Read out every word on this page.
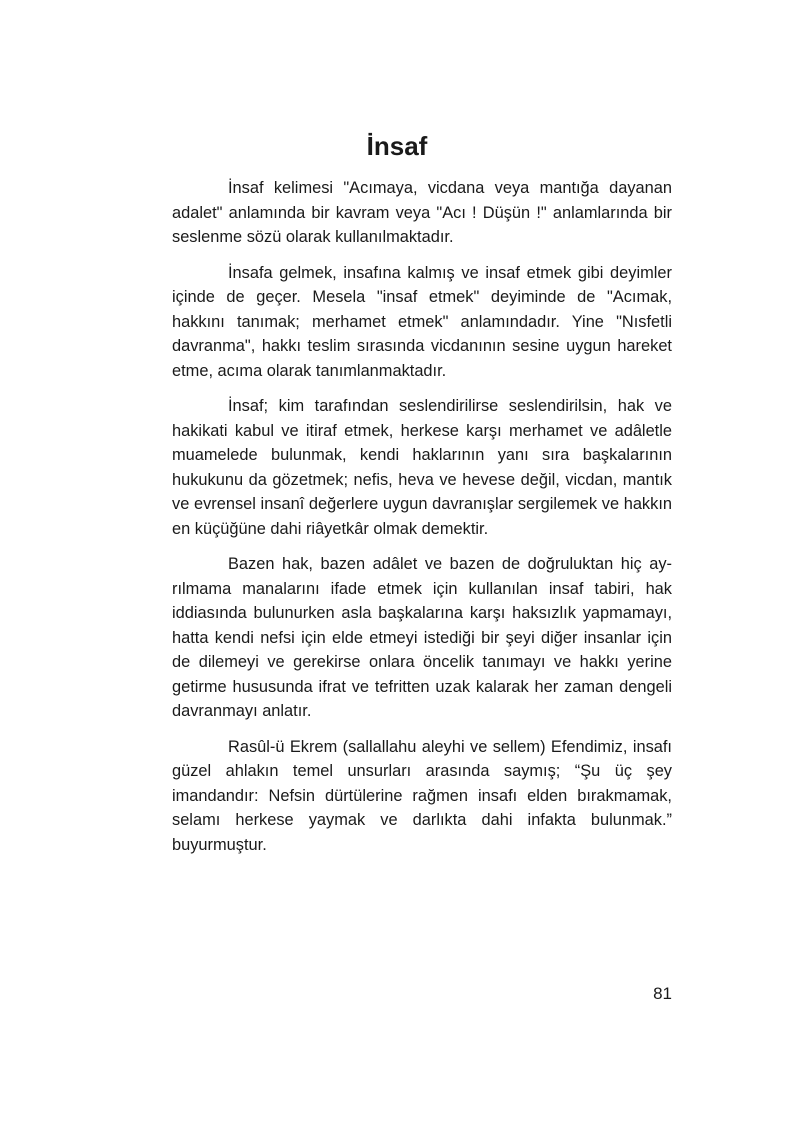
İnsaf

İnsaf kelimesi "Acımaya, vicdana veya mantığa dayanan adalet" anlamında bir kavram veya "Acı ! Düşün !" anlamlarında bir seslenme sözü olarak kullanılmaktadır.

İnsafa gelmek, insafına kalmış ve insaf etmek gibi deyimler içinde de geçer. Mesela "insaf etmek" deyiminde de "Acımak, hakkını tanımak; merhamet etmek" anlamındadır. Yine "Nısfetli davranma", hakkı teslim sırasında vicdanının sesine uygun hareket etme, acıma olarak tanımlanmaktadır.

İnsaf; kim tarafından seslendirilirse seslendirilsin, hak ve hakikati kabul ve itiraf etmek, herkese karşı merhamet ve adâletle muamelede bulunmak, kendi haklarının yanı sıra başkalarının hukukunu da gözetmek; nefis, heva ve hevese değil, vicdan, mantık ve evrensel insanî değerlere uygun davranışlar sergilemek ve hakkın en küçüğüne dahi riâyetkâr olmak demektir.

Bazen hak, bazen adâlet ve bazen de doğruluktan hiç ayrılmama manalarını ifade etmek için kullanılan insaf tabiri, hak iddiasında bulunurken asla başkalarına karşı haksızlık yapmamayı, hatta kendi nefsi için elde etmeyi istediği bir şeyi diğer insanlar için de dilemeyi ve gerekirse onlara öncelik tanımayı ve hakkı yerine getirme hususunda ifrat ve tefritten uzak kalarak her zaman dengeli davranmayı anlatır.

Rasûl-ü Ekrem (sallallahu aleyhi ve sellem) Efendimiz, insafı güzel ahlakın temel unsurları arasında saymış; “Şu üç şey imandandır: Nefsin dürtülerine rağmen insafı elden bırakmamak, selamı herkese yaymak ve darlıkta dahi infakta bulunmak.” buyurmuştur.

81
